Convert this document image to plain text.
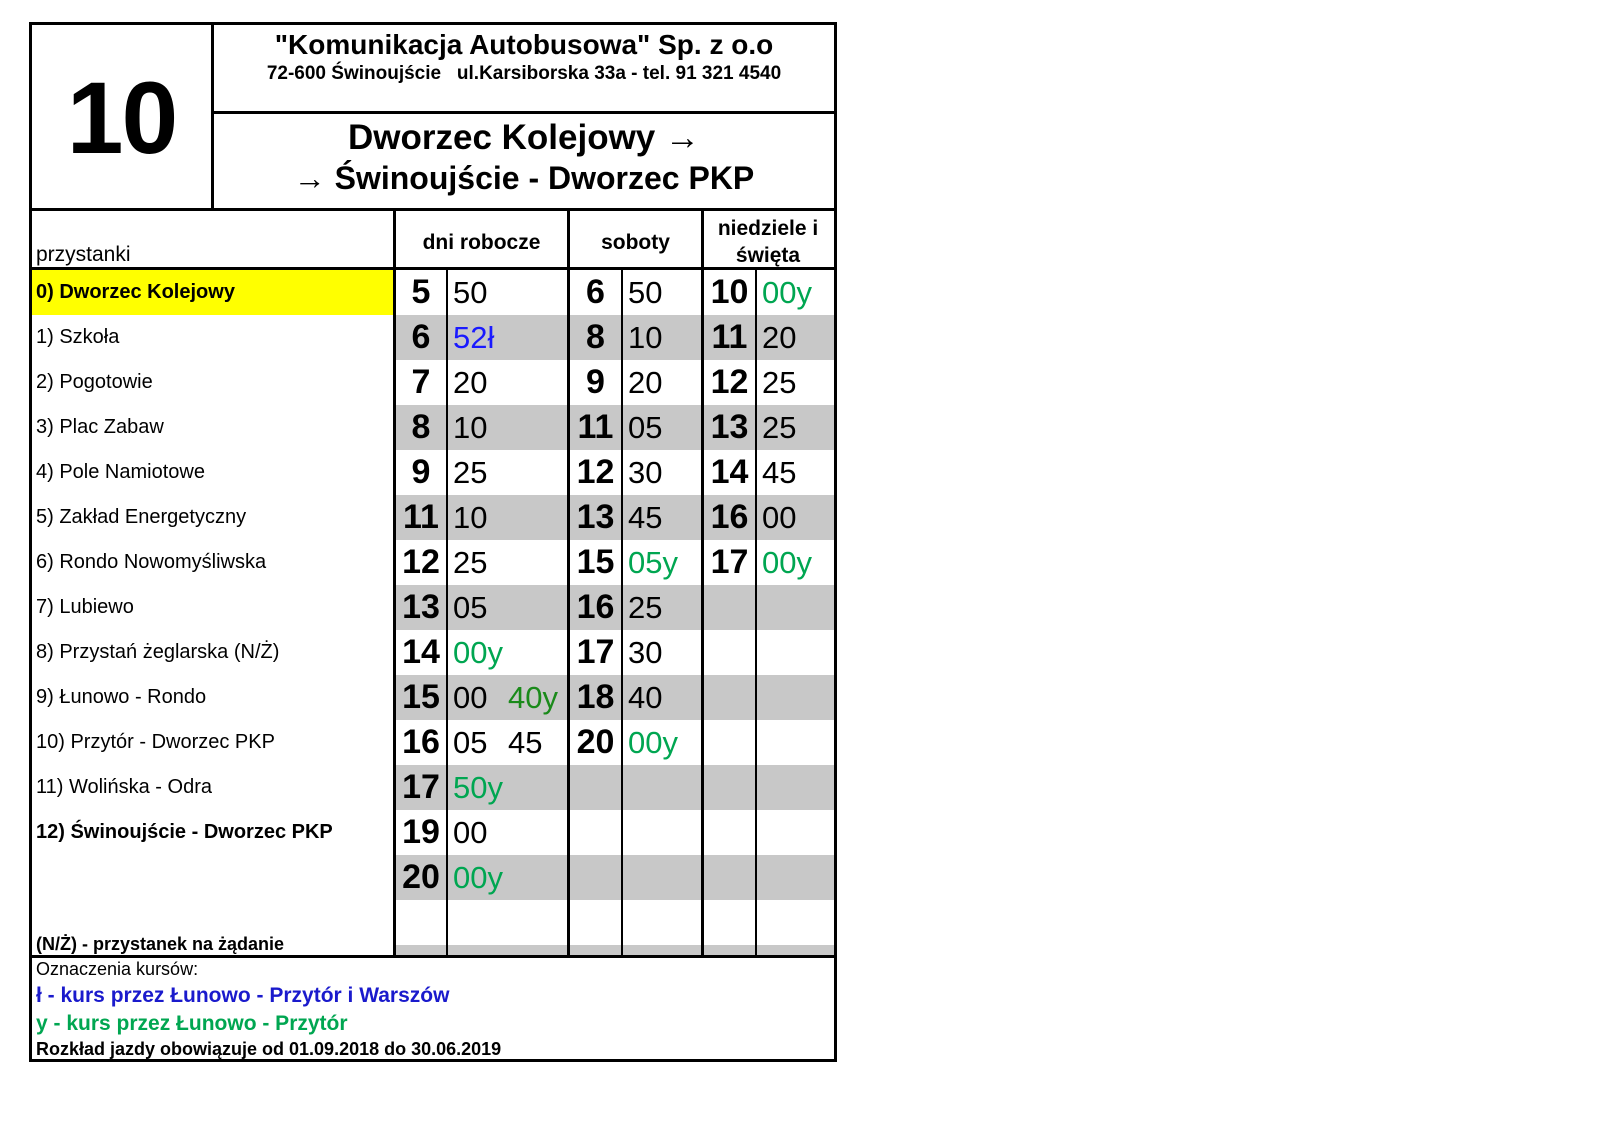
10
"Komunikacja Autobusowa" Sp. z o.o
72-600 Świnoujście   ul.Karsiborska 33a - tel. 91 321 4540
Dworzec Kolejowy →
→ Świnoujście - Dworzec PKP
dni robocze	soboty
niedziele i święta
przystanki
0) Dworzec Kolejowy
1) Szkoła
2) Pogotowie
3) Plac Zabaw
4) Pole Namiotowe
5) Zakład Energetyczny
6) Rondo Nowomyśliwska
7) Lubiewo
8) Przystań żeglarska (N/Ż)
9) Łunowo - Rondo
10) Przytór - Dworzec PKP
11) Wolińska - Odra
12) Świnoujście - Dworzec PKP
(N/Ż) - przystanek na żądanie
5 50
6 52ł
7 20
8 10
9 25
11 10
12 25
13 05
14 00y
15 00 40y
16 05 45
17 50y
19 00
20 00y
6 50
8 10
9 20
11 05
12 30
13 45
15 05y
16 25
17 30
18 40
20 00y
10 00y
11 20
12 25
13 25
14 45
16 00
17 00y
Oznaczenia kursów:
ł - kurs przez Łunowo - Przytór i Warszów
y - kurs przez Łunowo - Przytór
Rozkład jazdy obowiązuje od 01.09.2018 do 30.06.2019
